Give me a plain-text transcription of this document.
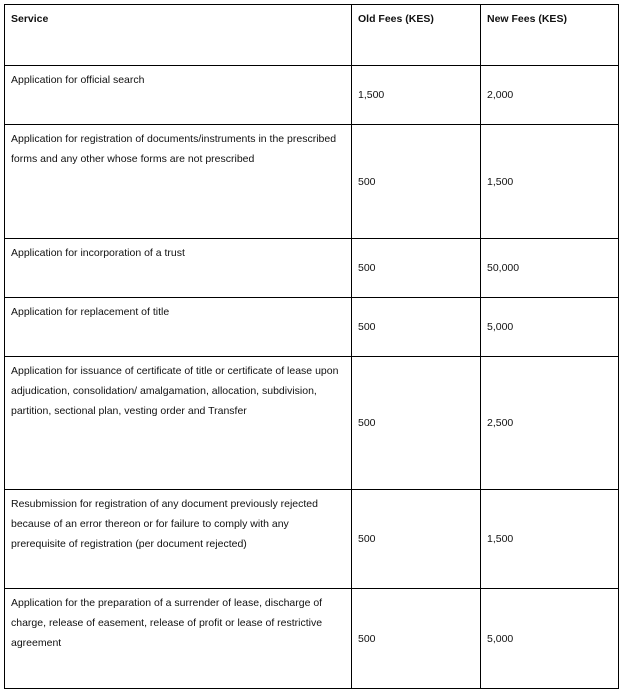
Service	Old Fees (KES)	New Fees (KES)
Application for official search	1,500	2,000
Application for registration of documents/instruments in the prescribed forms and any other whose forms are not prescribed	500	1,500
Application for incorporation of a trust	500	50,000
Application for replacement of title	500	5,000
Application for issuance of certificate of title or certificate of lease upon adjudication, consolidation/ amalgamation, allocation, subdivision, partition, sectional plan, vesting order and Transfer	500	2,500
Resubmission for registration of any document previously rejected because of an error thereon or for failure to comply with any prerequisite of registration (per document rejected)	500	1,500
Application for the preparation of a surrender of lease, discharge of charge, release of easement, release of profit or lease of restrictive agreement	500	5,000
